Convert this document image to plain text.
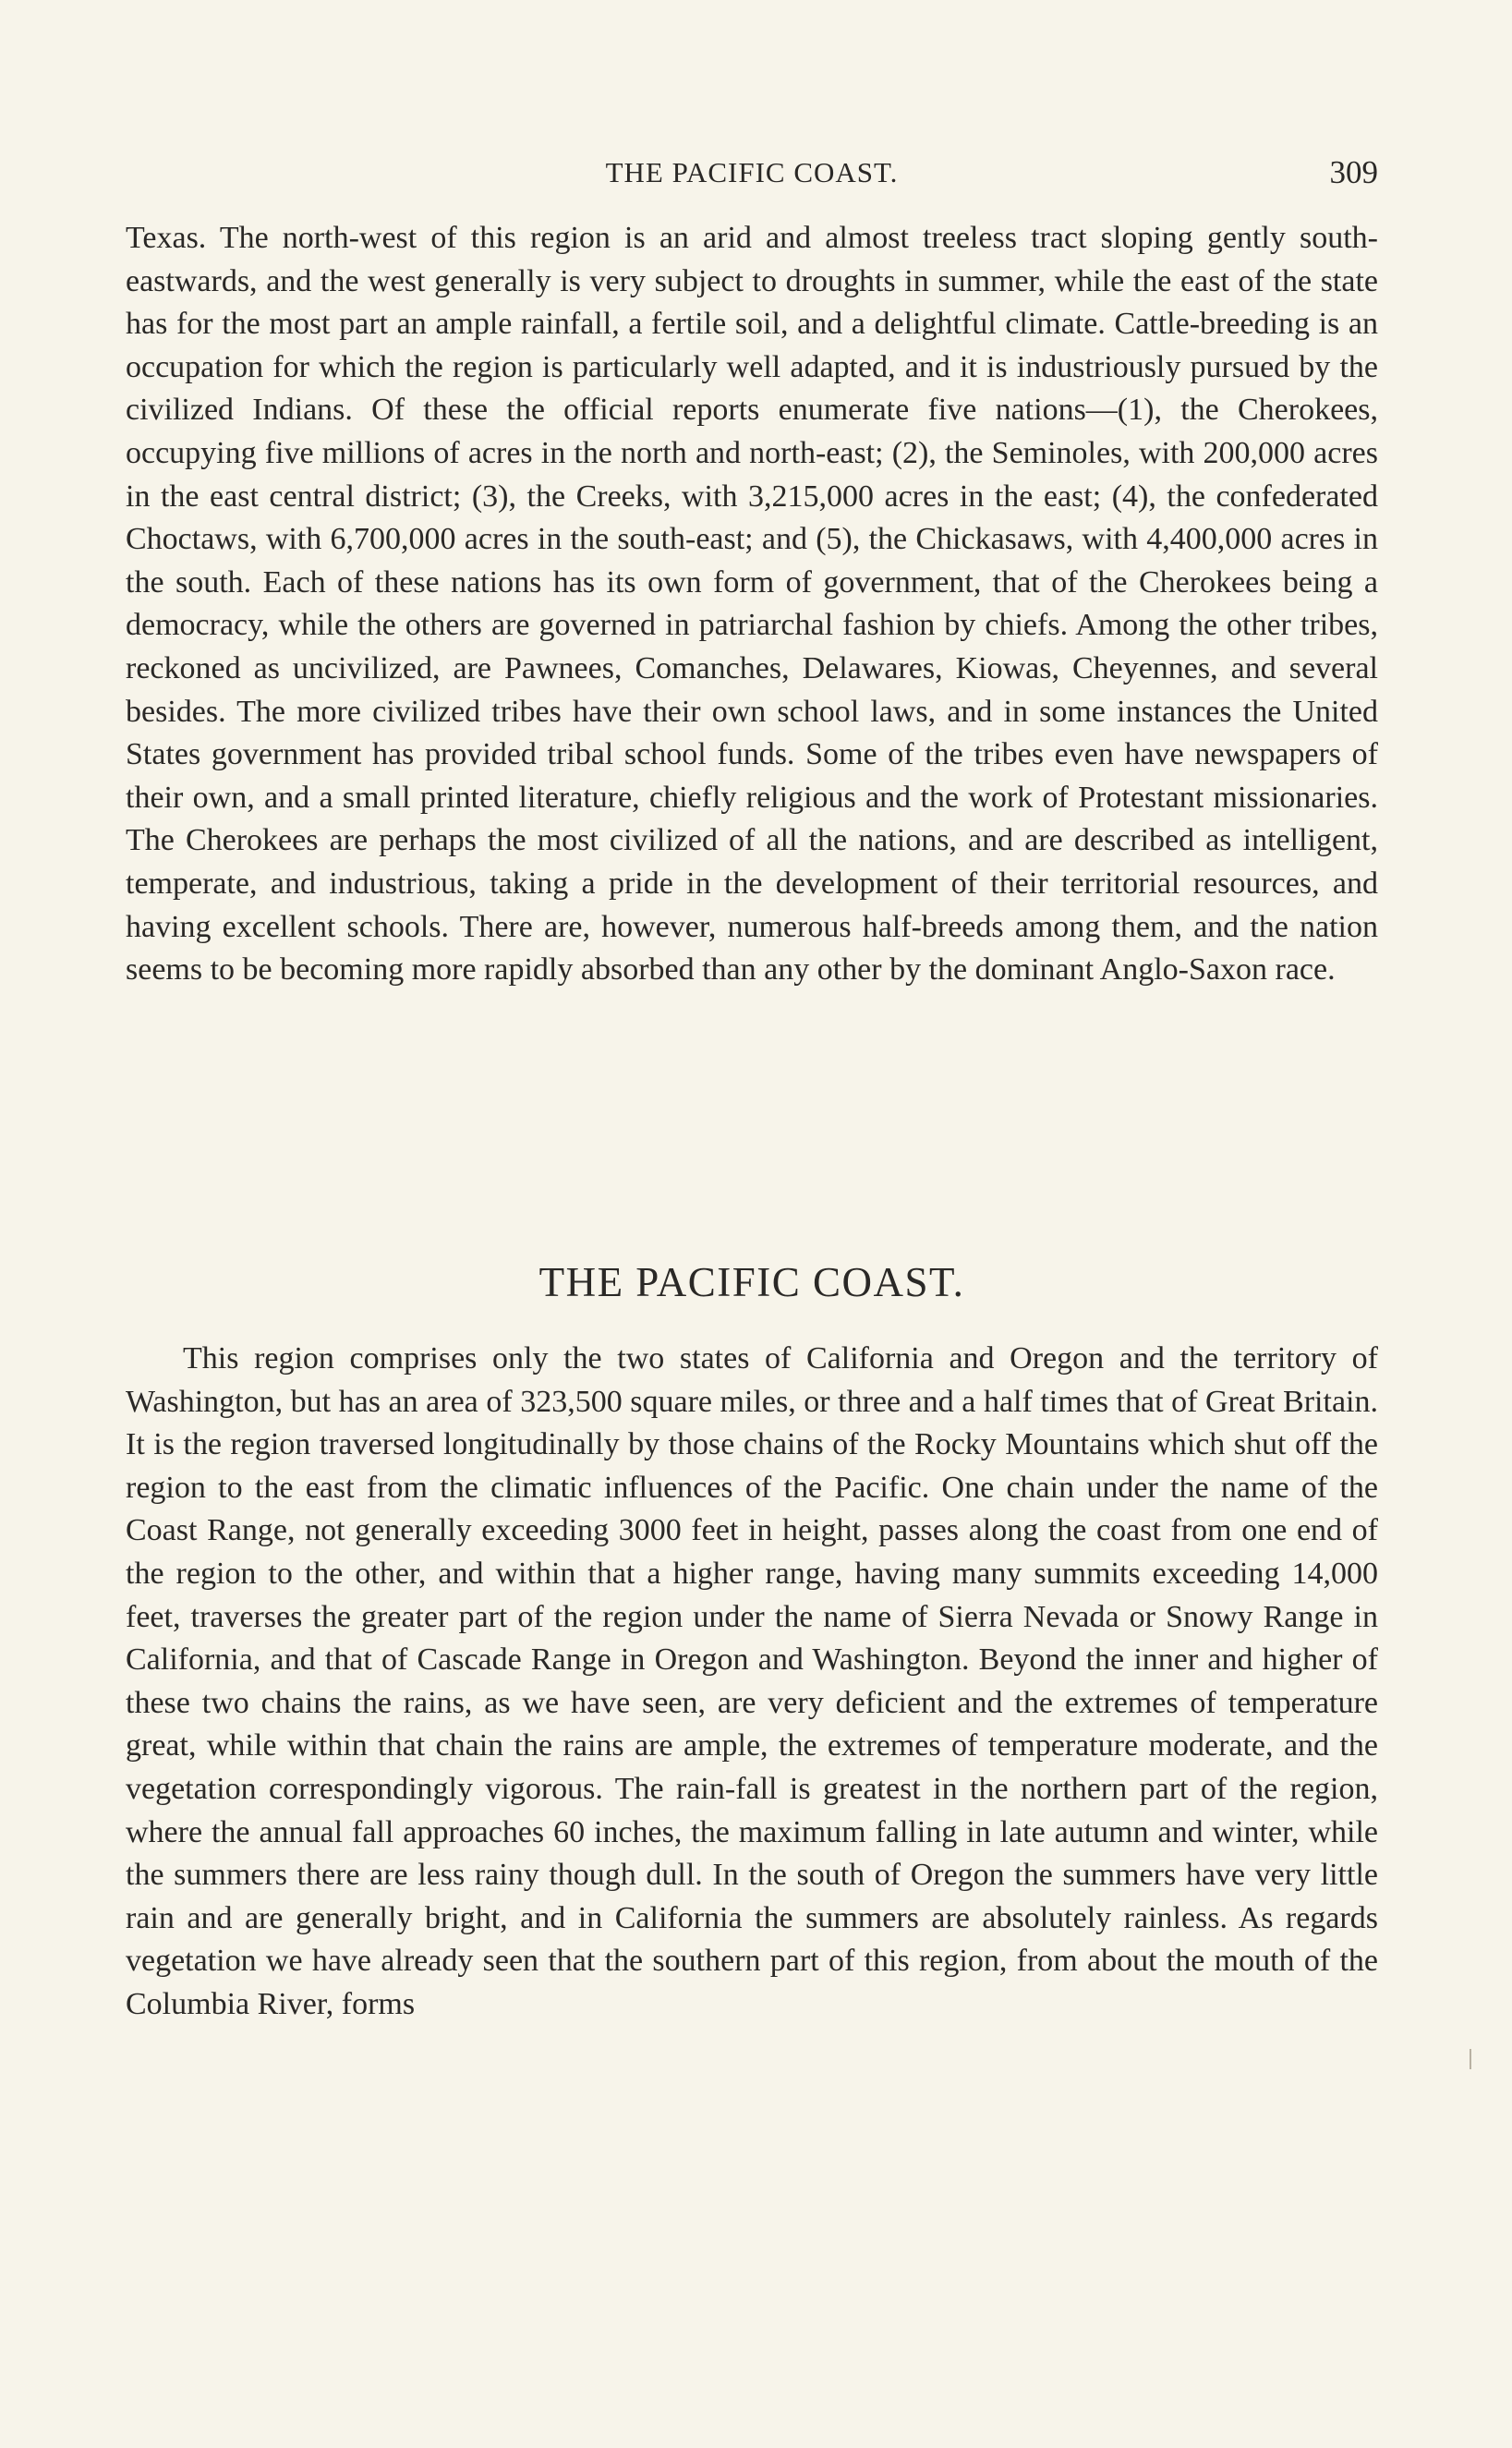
THE PACIFIC COAST.	309

Texas. The north-west of this region is an arid and almost treeless tract sloping gently south-eastwards, and the west generally is very subject to droughts in summer, while the east of the state has for the most part an ample rainfall, a fertile soil, and a delightful climate. Cattle-breeding is an occupation for which the region is particularly well adapted, and it is industriously pursued by the civilized Indians. Of these the official reports enumerate five nations—(1), the Cherokees, occupying five millions of acres in the north and north-east; (2), the Seminoles, with 200,000 acres in the east central district; (3), the Creeks, with 3,215,000 acres in the east; (4), the confederated Choctaws, with 6,700,000 acres in the south-east; and (5), the Chickasaws, with 4,400,000 acres in the south. Each of these nations has its own form of government, that of the Cherokees being a democracy, while the others are governed in patriarchal fashion by chiefs. Among the other tribes, reckoned as uncivilized, are Pawnees, Comanches, Delawares, Kiowas, Cheyennes, and several besides. The more civilized tribes have their own school laws, and in some instances the United States government has provided tribal school funds. Some of the tribes even have newspapers of their own, and a small printed literature, chiefly religious and the work of Protestant missionaries. The Cherokees are perhaps the most civilized of all the nations, and are described as intelligent, temperate, and industrious, taking a pride in the development of their territorial resources, and having excellent schools. There are, however, numerous half-breeds among them, and the nation seems to be becoming more rapidly absorbed than any other by the dominant Anglo-Saxon race.

THE PACIFIC COAST.

This region comprises only the two states of California and Oregon and the territory of Washington, but has an area of 323,500 square miles, or three and a half times that of Great Britain. It is the region traversed longitudinally by those chains of the Rocky Mountains which shut off the region to the east from the climatic influences of the Pacific. One chain under the name of the Coast Range, not generally exceeding 3000 feet in height, passes along the coast from one end of the region to the other, and within that a higher range, having many summits exceeding 14,000 feet, traverses the greater part of the region under the name of Sierra Nevada or Snowy Range in California, and that of Cascade Range in Oregon and Washington. Beyond the inner and higher of these two chains the rains, as we have seen, are very deficient and the extremes of temperature great, while within that chain the rains are ample, the extremes of temperature moderate, and the vegetation correspondingly vigorous. The rain-fall is greatest in the northern part of the region, where the annual fall approaches 60 inches, the maximum falling in late autumn and winter, while the summers there are less rainy though dull. In the south of Oregon the summers have very little rain and are generally bright, and in California the summers are absolutely rainless. As regards vegetation we have already seen that the southern part of this region, from about the mouth of the Columbia River, forms
